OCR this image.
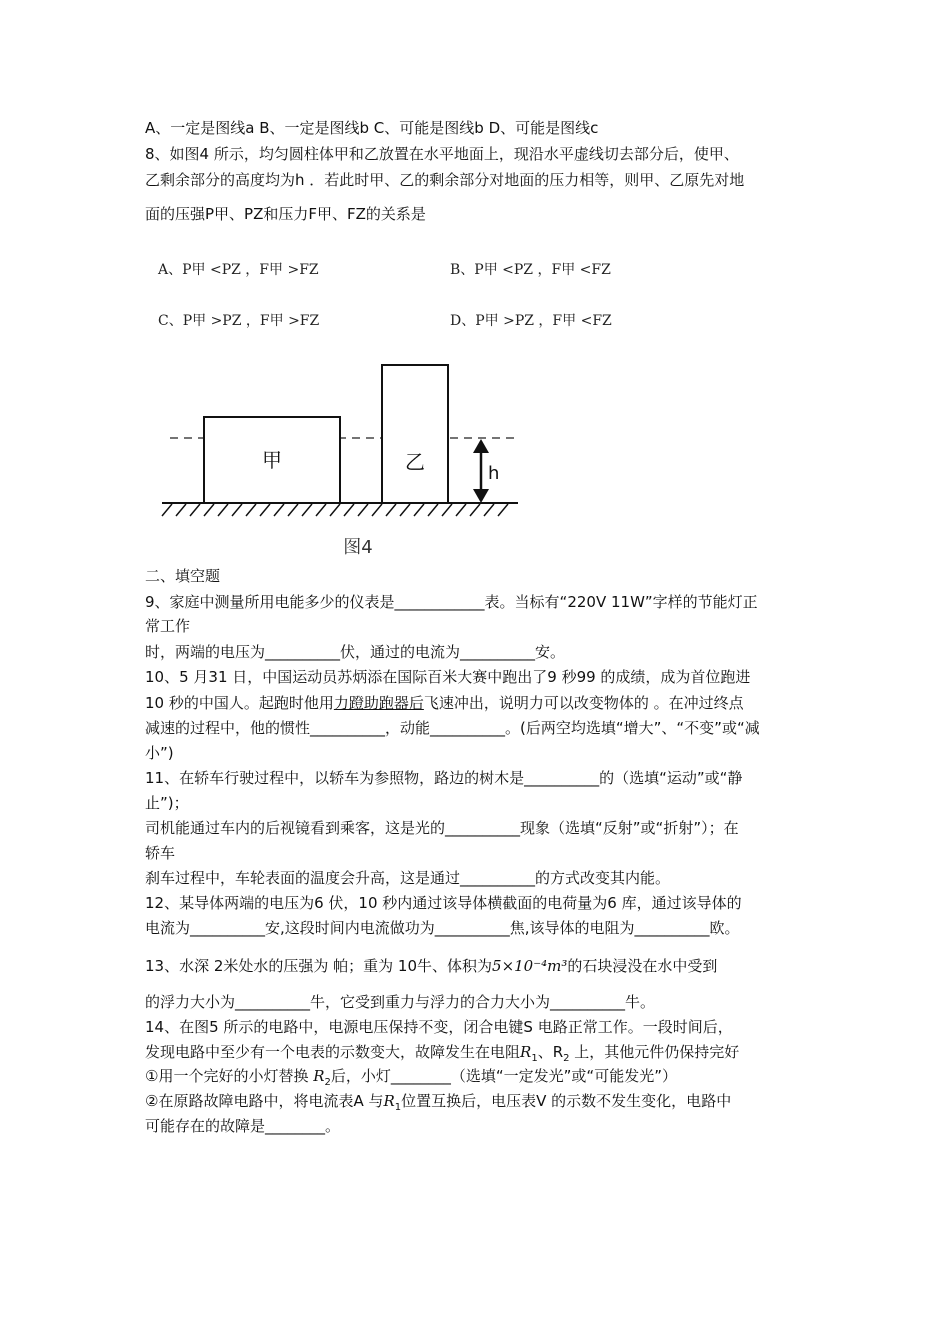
A、一定是图线a B、一定是图线b C、可能是图线b D、可能是图线c
8、如图4 所示，均匀圆柱体甲和乙放置在水平地面上，现沿水平虚线切去部分后，使甲、
乙剩余部分的高度均为h ．若此时甲、乙的剩余部分对地面的压力相等，则甲、乙原先对地
面的压强P甲、PZ和压力F甲、FZ的关系是
A、P甲 <PZ ，F甲 >FZ	B、P甲 <PZ ，F甲 <FZ
C、P甲 >PZ ，F甲 >FZ	D、P甲 >PZ ，F甲 <FZ
甲	乙	h
图4
二、填空题
9、家庭中测量所用电能多少的仪表是____________表。当标有“220V 11W”字样的节能灯正
常工作
时，两端的电压为__________伏，通过的电流为__________安。
10、5 月31 日，中国运动员苏炳添在国际百米大赛中跑出了9 秒99 的成绩，成为首位跑进
10 秒的中国人。起跑时他用力蹬助跑器后飞速冲出，说明力可以改变物体的 。在冲过终点
减速的过程中，他的惯性__________，动能__________。(后两空均选填“增大”、“不变”或“减
小”)
11、在轿车行驶过程中，以轿车为参照物，路边的树木是__________的（选填“运动”或“静
止”)；
司机能通过车内的后视镜看到乘客，这是光的__________现象（选填“反射”或“折射”）；在
轿车
刹车过程中，车轮表面的温度会升高，这是通过__________的方式改变其内能。
12、某导体两端的电压为6 伏，10 秒内通过该导体横截面的电荷量为6 库，通过该导体的
电流为__________安,这段时间内电流做功为__________焦,该导体的电阻为__________欧。
13、水深 2米处水的压强为 帕；重为 10牛、体积为5×10⁻⁴m³的石块浸没在水中受到
的浮力大小为__________牛，它受到重力与浮力的合力大小为__________牛。
14、在图5 所示的电路中，电源电压保持不变，闭合电键S 电路正常工作。一段时间后，
发现电路中至少有一个电表的示数变大，故障发生在电阻$R_1$、$R_2$ 上，其他元件仍保持完好
①用一个完好的小灯替换 $R_2$后，小灯________（选填“一定发光”或“可能发光”）
②在原路故障电路中，将电流表A 与$R_1$位置互换后，电压表V 的示数不发生变化，电路中
可能存在的故障是________。
